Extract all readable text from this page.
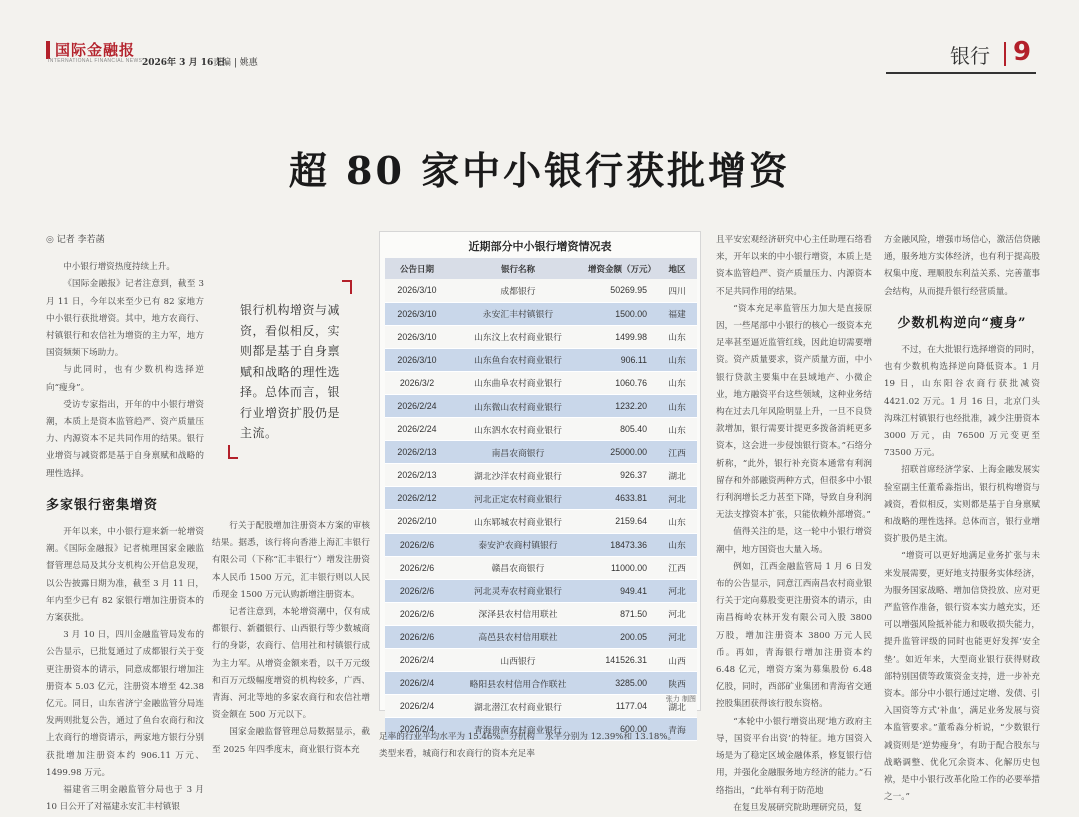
国际金融报
INTERNATIONAL FINANCIAL NEWS 2026年 3 月 16 日
责编 | 姚惠	银行 9
超 80 家中小银行获批增资
◎ 记者 李若菡

中小银行增资热度持续上升。

《国际金融报》记者注意到，截至 3 月 11 日，今年以来至少已有 82 家地方中小银行获批增资。其中，地方农商行、村镇银行和农信社为增资的主力军，地方国资频频下场助力。

与此同时，也有少数机构选择逆向“瘦身”。

受访专家指出，开年的中小银行增资潮，本质上是资本监管趋严、资产质量压力、内源资本不足共同作用的结果。银行业增资与减资都是基于自身禀赋和战略的理性选择。

多家银行密集增资

开年以来，中小银行迎来新一轮增资潮。《国际金融报》记者梳理国家金融监督管理总局及其分支机构公开信息发现，以公告披露日期为准，截至 3 月 11 日，年内至少已有 82 家银行增加注册资本的方案获批。

3 月 10 日，四川金融监管局发布的公告显示，已批复通过了成都银行关于变更注册资本的请示，同意成都银行增加注册资本 5.03 亿元，注册资本增至 42.38 亿元。同日，山东省济宁金融监管分局连发两则批复公告，通过了鱼台农商行和汶上农商行的增资请示，两家地方银行分别获批增加注册资本约 906.11 万元、1499.98 万元。

福建省三明金融监管分局也于 3 月 10 日公开了对福建永安汇丰村镇银

银行机构增资与减资，看似相反，实则都是基于自身禀赋和战略的理性选择。总体而言，银行业增资扩股仍是主流。

行关于配股增加注册资本方案的审核结果。据悉，该行将向香港上海汇丰银行有限公司（下称“汇丰银行”）增发注册资本人民币 1500 万元，汇丰银行则以人民币现金 1500 万元认购新增注册资本。

记者注意到，本轮增资潮中，仅有成都银行、新疆银行、山西银行等少数城商行的身影，农商行、信用社和村镇银行成为主力军。从增资金额来看，以千万元级和百万元级幅度增资的机构较多，广西、青海、河北等地的多家农商行和农信社增资金额在 500 万元以下。

国家金融监督管理总局数据显示，截至 2025 年四季度末，商业银行资本充

近期部分中小银行增资情况表
公告日期	银行名称	增资金额（万元）	地区
2026/3/10	成都银行	50269.95	四川
2026/3/10	永安汇丰村镇银行	1500.00	福建
2026/3/10	山东汶上农村商业银行	1499.98	山东
2026/3/10	山东鱼台农村商业银行	906.11	山东
2026/3/2	山东曲阜农村商业银行	1060.76	山东
2026/2/24	山东微山农村商业银行	1232.20	山东
2026/2/24	山东泗水农村商业银行	805.40	山东
2026/2/13	南昌农商银行	25000.00	江西
2026/2/13	湖北沙洋农村商业银行	926.37	湖北
2026/2/12	河北正定农村商业银行	4633.81	河北
2026/2/10	山东郓城农村商业银行	2159.64	山东
2026/2/6	泰安沪农商村镇银行	18473.36	山东
2026/2/6	赣昌农商银行	11000.00	江西
2026/2/6	河北灵寿农村商业银行	949.41	河北
2026/2/6	深泽县农村信用联社	871.50	河北
2026/2/6	高邑县农村信用联社	200.05	河北
2026/2/4	山西银行	141526.31	山西
2026/2/4	略阳县农村信用合作联社	3285.00	陕西
2026/2/4	湖北潜江农村商业银行	1177.04	湖北
2026/2/4	青海贵南农村商业银行	600.00	青海
张力 制图

足率的行业平均水平为 15.46%。分机构类型来看，城商行和农商行的资本充足率水平分别为 12.39%和 13.18%。

且平安宏观经济研究中心主任助理石络看来，开年以来的中小银行增资，本质上是资本监管趋严、资产质量压力、内源资本不足共同作用的结果。

“资本充足率监管压力加大是直接原因，一些尾部中小银行的核心一级资本充足率甚至逼近监管红线，因此迫切需要增资。资产质量要求，资产质量方面，中小银行贷款主要集中在县域地产、小微企业，地方融资平台这些领域，这种业务结构在过去几年风险明显上升，一旦不良贷款增加，银行需要计提更多拨备消耗更多资本，这会进一步侵蚀银行资本。”石络分析称，“此外，银行补充资本通常有利润留存和外部融资两种方式，但很多中小银行利润增长乏力甚至下降，导致自身利润无法支撑资本扩张，只能依赖外部增资。”

值得关注的是，这一轮中小银行增资潮中，地方国资也大量入场。

例如，江西金融监管局 1 月 6 日发布的公告显示，同意江西南昌农村商业银行关于定向募股变更注册资本的请示，由南昌梅岭农林开发有限公司入股 3800 万股，增加注册资本 3800 万元人民币。再如，青海银行增加注册资本约 6.48 亿元，增资方案为募集股份 6.48 亿股，同时，西部矿业集团和青海省交通控股集团获得该行股东资格。

“本轮中小银行增资出现‘地方政府主导，国资平台出资’的特征。地方国资入场是为了稳定区域金融体系，修复银行信用，并强化金融服务地方经济的能力。”石络指出，“此举有利于防范地

在复旦发展研究院助理研究员，复

方金融风险，增强市场信心，激活信贷融通，服务地方实体经济，也有利于提高股权集中度、理顺股东利益关系、完善董事会结构，从而提升银行经营质量。

少数机构逆向“瘦身”

不过，在大批银行选择增资的同时，也有少数机构选择逆向降低资本。1 月 19 日，山东阳谷农商行获批减资 4421.02 万元。1 月 16 日，北京门头沟珠江村镇银行也经批准，减少注册资本 3000 万元，由 76500 万元变更至 73500 万元。

招联首席经济学家、上海金融发展实验室副主任董希淼指出，银行机构增资与减资，看似相反，实则都是基于自身禀赋和战略的理性选择。总体而言，银行业增资扩股仍是主流。

“增资可以更好地满足业务扩张与未来发展需要，更好地支持服务实体经济，为服务国家战略、增加信贷投放、应对更严监管作准备，银行资本实力越充实，还可以增强风险抵补能力和吸收损失能力，提升监管评级的同时也能更好发挥‘安全垫’。如近年来，大型商业银行获得财政部特别国债等政策资金支持，进一步补充资本。部分中小银行通过定增、发债、引入国资等方式‘补血’，满足业务发展与资本监管要求。”董希淼分析说，“少数银行减资则是‘逆势瘦身’，有助于配合股东与战略调整、优化冗余资本、化解历史包袱，是中小银行改革化险工作的必要举措之一。”
